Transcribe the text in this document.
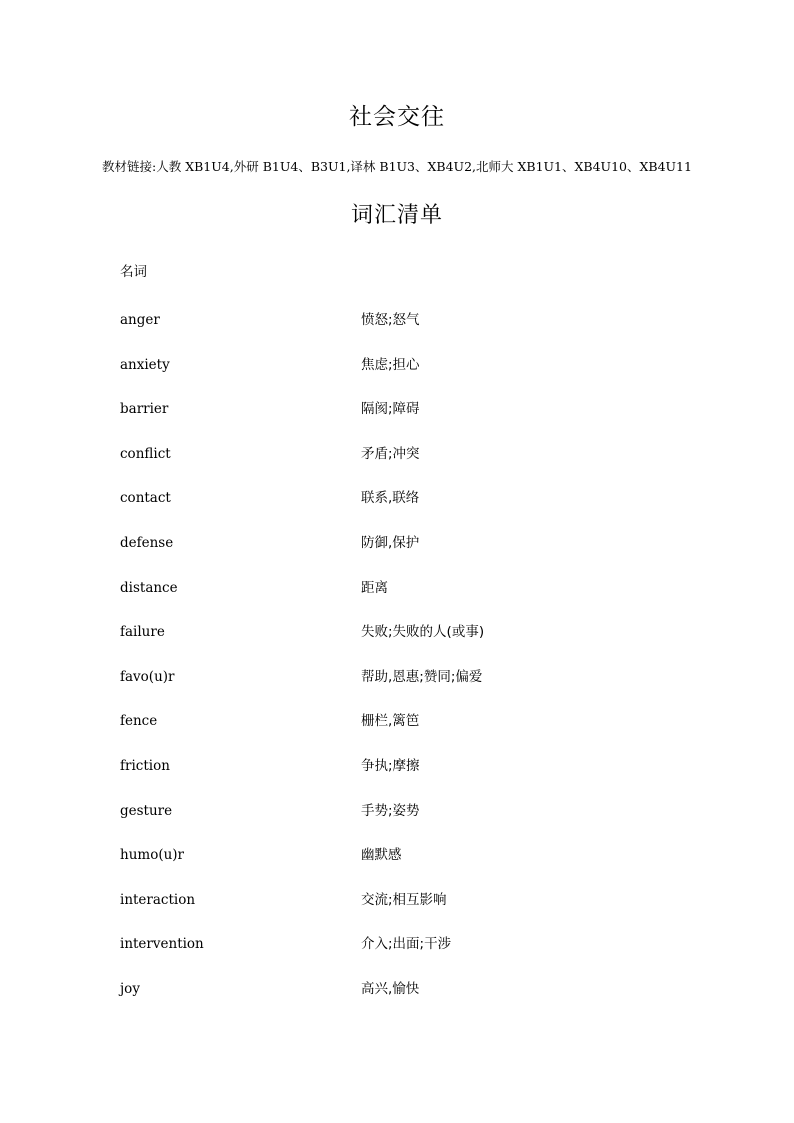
社会交往
教材链接:人教 XB1U4,外研 B1U4、B3U1,译林 B1U3、XB4U2,北师大 XB1U1、XB4U10、XB4U11
词汇清单
名词
anger	愤怒;怒气
anxiety	焦虑;担心
barrier	隔阂;障碍
conflict	矛盾;冲突
contact	联系,联络
defense	防御,保护
distance	距离
failure	失败;失败的人(或事)
favo(u)r	帮助,恩惠;赞同;偏爱
fence	栅栏,篱笆
friction	争执;摩擦
gesture	手势;姿势
humo(u)r	幽默感
interaction	交流;相互影响
intervention	介入;出面;干涉
joy	高兴,愉快
